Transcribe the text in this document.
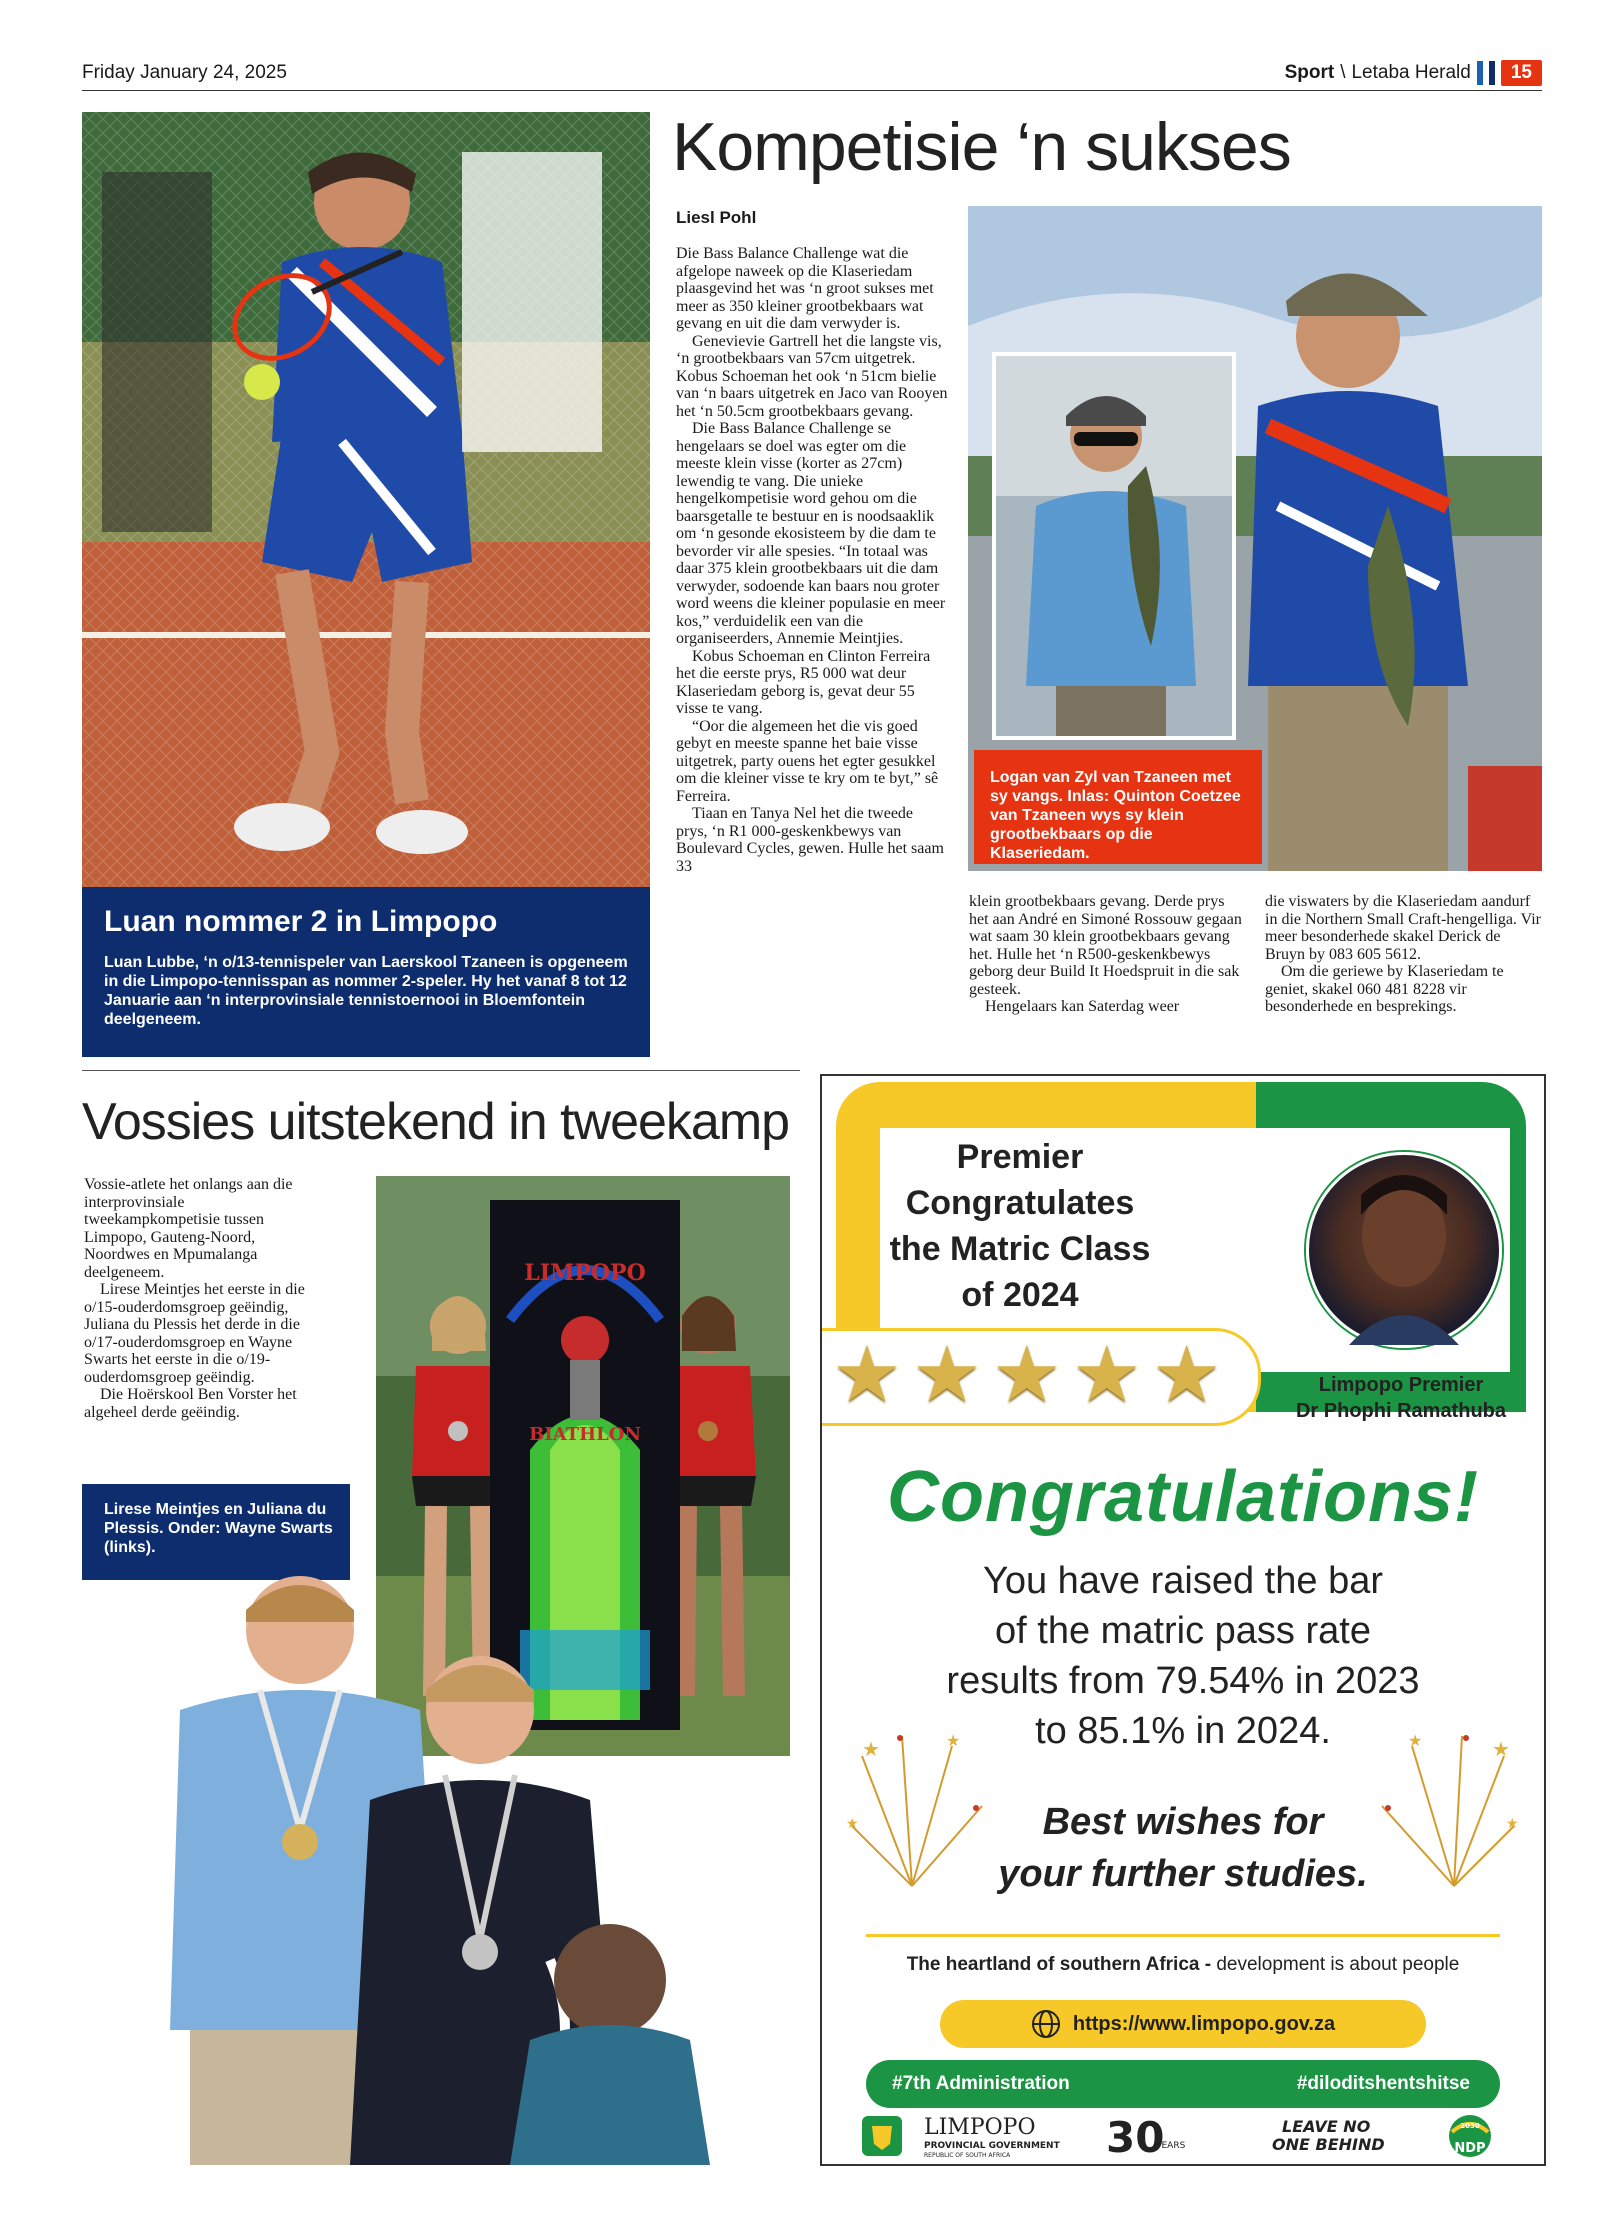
Friday January 24, 2025	Sport \ Letaba Herald	15
Luan nommer 2 in Limpopo
Luan Lubbe, ‘n o/13-tennispeler van Laerskool Tzaneen is opgeneem in die Limpopo-tennisspan as nommer 2-speler. Hy het vanaf 8 tot 12 Januarie aan ‘n interprovinsiale tennistoernooi in Bloemfontein deelgeneem.
Kompetisie ‘n sukses
Liesl Pohl

Die Bass Balance Challenge wat die afgelope naweek op die Klaseriedam plaasgevind het was ‘n groot sukses met meer as 350 kleiner grootbekbaars wat gevang en uit die dam verwyder is.

Genevievie Gartrell het die langste vis, ‘n grootbekbaars van 57cm uitgetrek. Kobus Schoeman het ook ‘n 51cm bielie van ‘n baars uitgetrek en Jaco van Rooyen het ‘n 50.5cm grootbekbaars gevang.

Die Bass Balance Challenge se hengelaars se doel was egter om die meeste klein visse (korter as 27cm) lewendig te vang. Die unieke hengelkompetisie word gehou om die baarsgetalle te bestuur en is noodsaaklik om ‘n gesonde ekosisteem by die dam te bevorder vir alle spesies. “In totaal was daar 375 klein grootbekbaars uit die dam verwyder, sodoende kan baars nou groter word weens die kleiner populasie en meer kos,” verduidelik een van die organiseerders, Annemie Meintjies.

Kobus Schoeman en Clinton Ferreira het die eerste prys, R5 000 wat deur Klaseriedam geborg is, gevat deur 55 visse te vang.

“Oor die algemeen het die vis goed gebyt en meeste spanne het baie visse uitgetrek, party ouens het egter gesukkel om die kleiner visse te kry om te byt,” sê Ferreira.

Tiaan en Tanya Nel het die tweede prys, ‘n R1 000-geskenkbewys van Boulevard Cycles, gewen. Hulle het saam 33

Logan van Zyl van Tzaneen met sy vangs. Inlas: Quinton Coetzee van Tzaneen wys sy klein grootbekbaars op die Klaseriedam.

klein grootbekbaars gevang. Derde prys het aan André en Simoné Rossouw gegaan wat saam 30 klein grootbekbaars gevang het. Hulle het ‘n R500-geskenkbewys geborg deur Build It Hoedspruit in die sak gesteek.

Hengelaars kan Saterdag weer

die viswaters by die Klaseriedam aandurf in die Northern Small Craft-hengelliga. Vir meer besonderhede skakel Derick de Bruyn by 083 605 5612.

Om die geriewe by Klaseriedam te geniet, skakel 060 481 8228 vir besonderhede en besprekings.

Vossies uitstekend in tweekamp

Vossie-atlete het onlangs aan die interprovinsiale tweekampkompetisie tussen Limpopo, Gauteng-Noord, Noordwes en Mpumalanga deelgeneem.

Lirese Meintjes het eerste in die o/15-ouderdomsgroep geëindig, Juliana du Plessis het derde in die o/17-ouderdomsgroep en Wayne Swarts het eerste in die o/19-ouderdomsgroep geëindig.

Die Hoërskool Ben Vorster het algeheel derde geëindig.

LIMPOPO
BIATHLON
Lirese Meintjes en Juliana du Plessis. Onder: Wayne Swarts (links).
Premier Congratulates the Matric Class of 2024
Limpopo Premier
Dr Phophi Ramathuba
★ ★ ★ ★ ★
Congratulations!
You have raised the bar
of the matric pass rate
results from 79.54% in 2023
to 85.1% in 2024.
★	★
★
★
★
★
Best wishes for
your further studies.
The heartland of southern Africa - development is about people
https://www.limpopo.gov.za
#7th Administration	#diloditshentshitse
LIMPOPO
PROVINCIAL GOVERNMENT
REPUBLIC OF SOUTH AFRICA 30
YEARS
LEAVE NO
ONE BEHIND
2030
NDP
